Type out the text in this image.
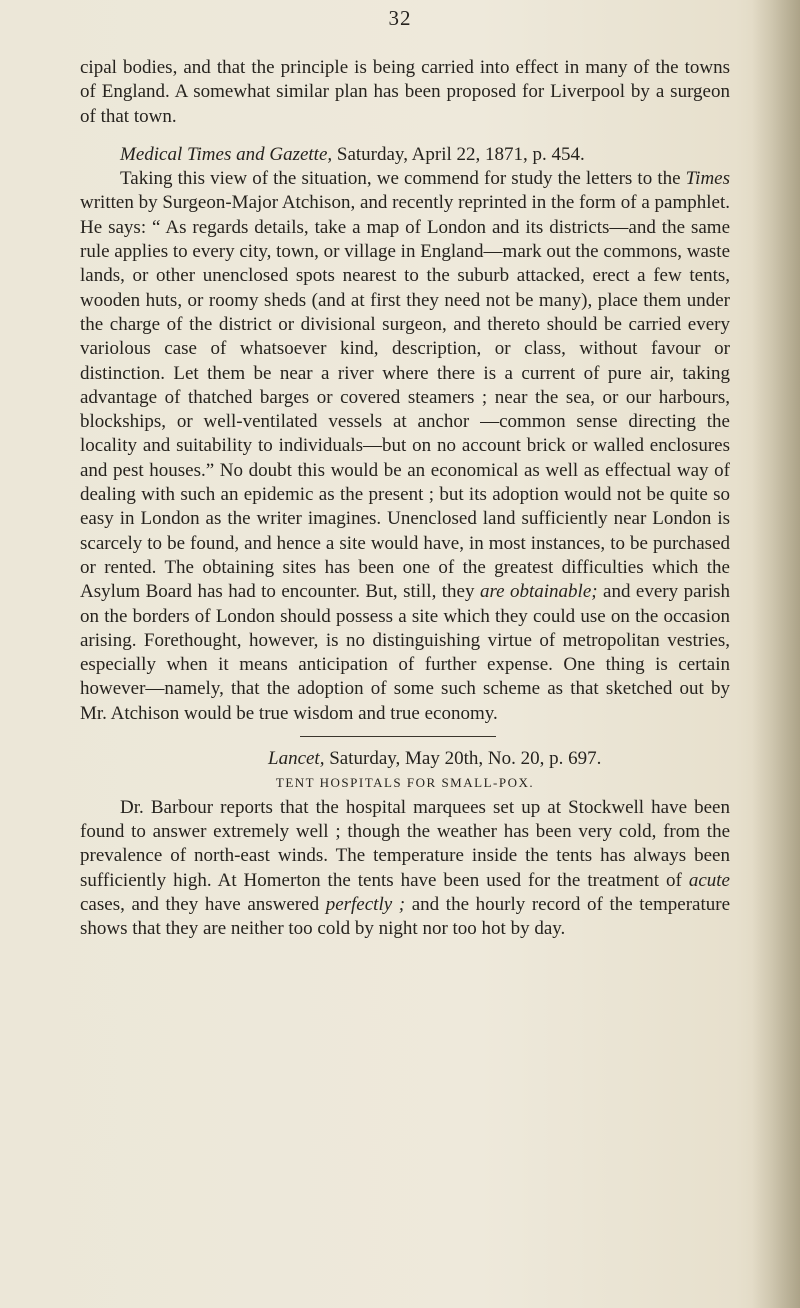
32

cipal bodies, and that the principle is being carried into effect in many of the towns of England. A somewhat similar plan has been proposed for Liverpool by a surgeon of that town.

Medical Times and Gazette, Saturday, April 22, 1871, p. 454.

Taking this view of the situation, we commend for study the letters to the Times written by Surgeon-Major Atchison, and recently reprinted in the form of a pamphlet. He says: “ As regards details, take a map of London and its districts—and the same rule applies to every city, town, or village in England—mark out the commons, waste lands, or other unenclosed spots nearest to the suburb attacked, erect a few tents, wooden huts, or roomy sheds (and at first they need not be many), place them under the charge of the district or divisional surgeon, and thereto should be carried every variolous case of whatsoever kind, description, or class, without favour or distinction. Let them be near a river where there is a current of pure air, taking advantage of thatched barges or covered steamers ; near the sea, or our harbours, blockships, or well-ventilated vessels at anchor —common sense directing the locality and suitability to individuals—but on no account brick or walled enclosures and pest houses.” No doubt this would be an economical as well as effectual way of dealing with such an epidemic as the present ; but its adoption would not be quite so easy in London as the writer imagines. Unenclosed land sufficiently near London is scarcely to be found, and hence a site would have, in most instances, to be purchased or rented. The obtaining sites has been one of the greatest difficulties which the Asylum Board has had to encounter. But, still, they are obtainable; and every parish on the borders of London should possess a site which they could use on the occasion arising. Forethought, however, is no distinguishing virtue of metropolitan vestries, especially when it means anticipation of further expense. One thing is certain however—namely, that the adoption of some such scheme as that sketched out by Mr. Atchison would be true wisdom and true economy.

Lancet, Saturday, May 20th, No. 20, p. 697.

TENT HOSPITALS FOR SMALL-POX.

Dr. Barbour reports that the hospital marquees set up at Stockwell have been found to answer extremely well ; though the weather has been very cold, from the prevalence of north-east winds. The temperature inside the tents has always been sufficiently high. At Homerton the tents have been used for the treatment of acute cases, and they have answered perfectly ; and the hourly record of the temperature shows that they are neither too cold by night nor too hot by day.
